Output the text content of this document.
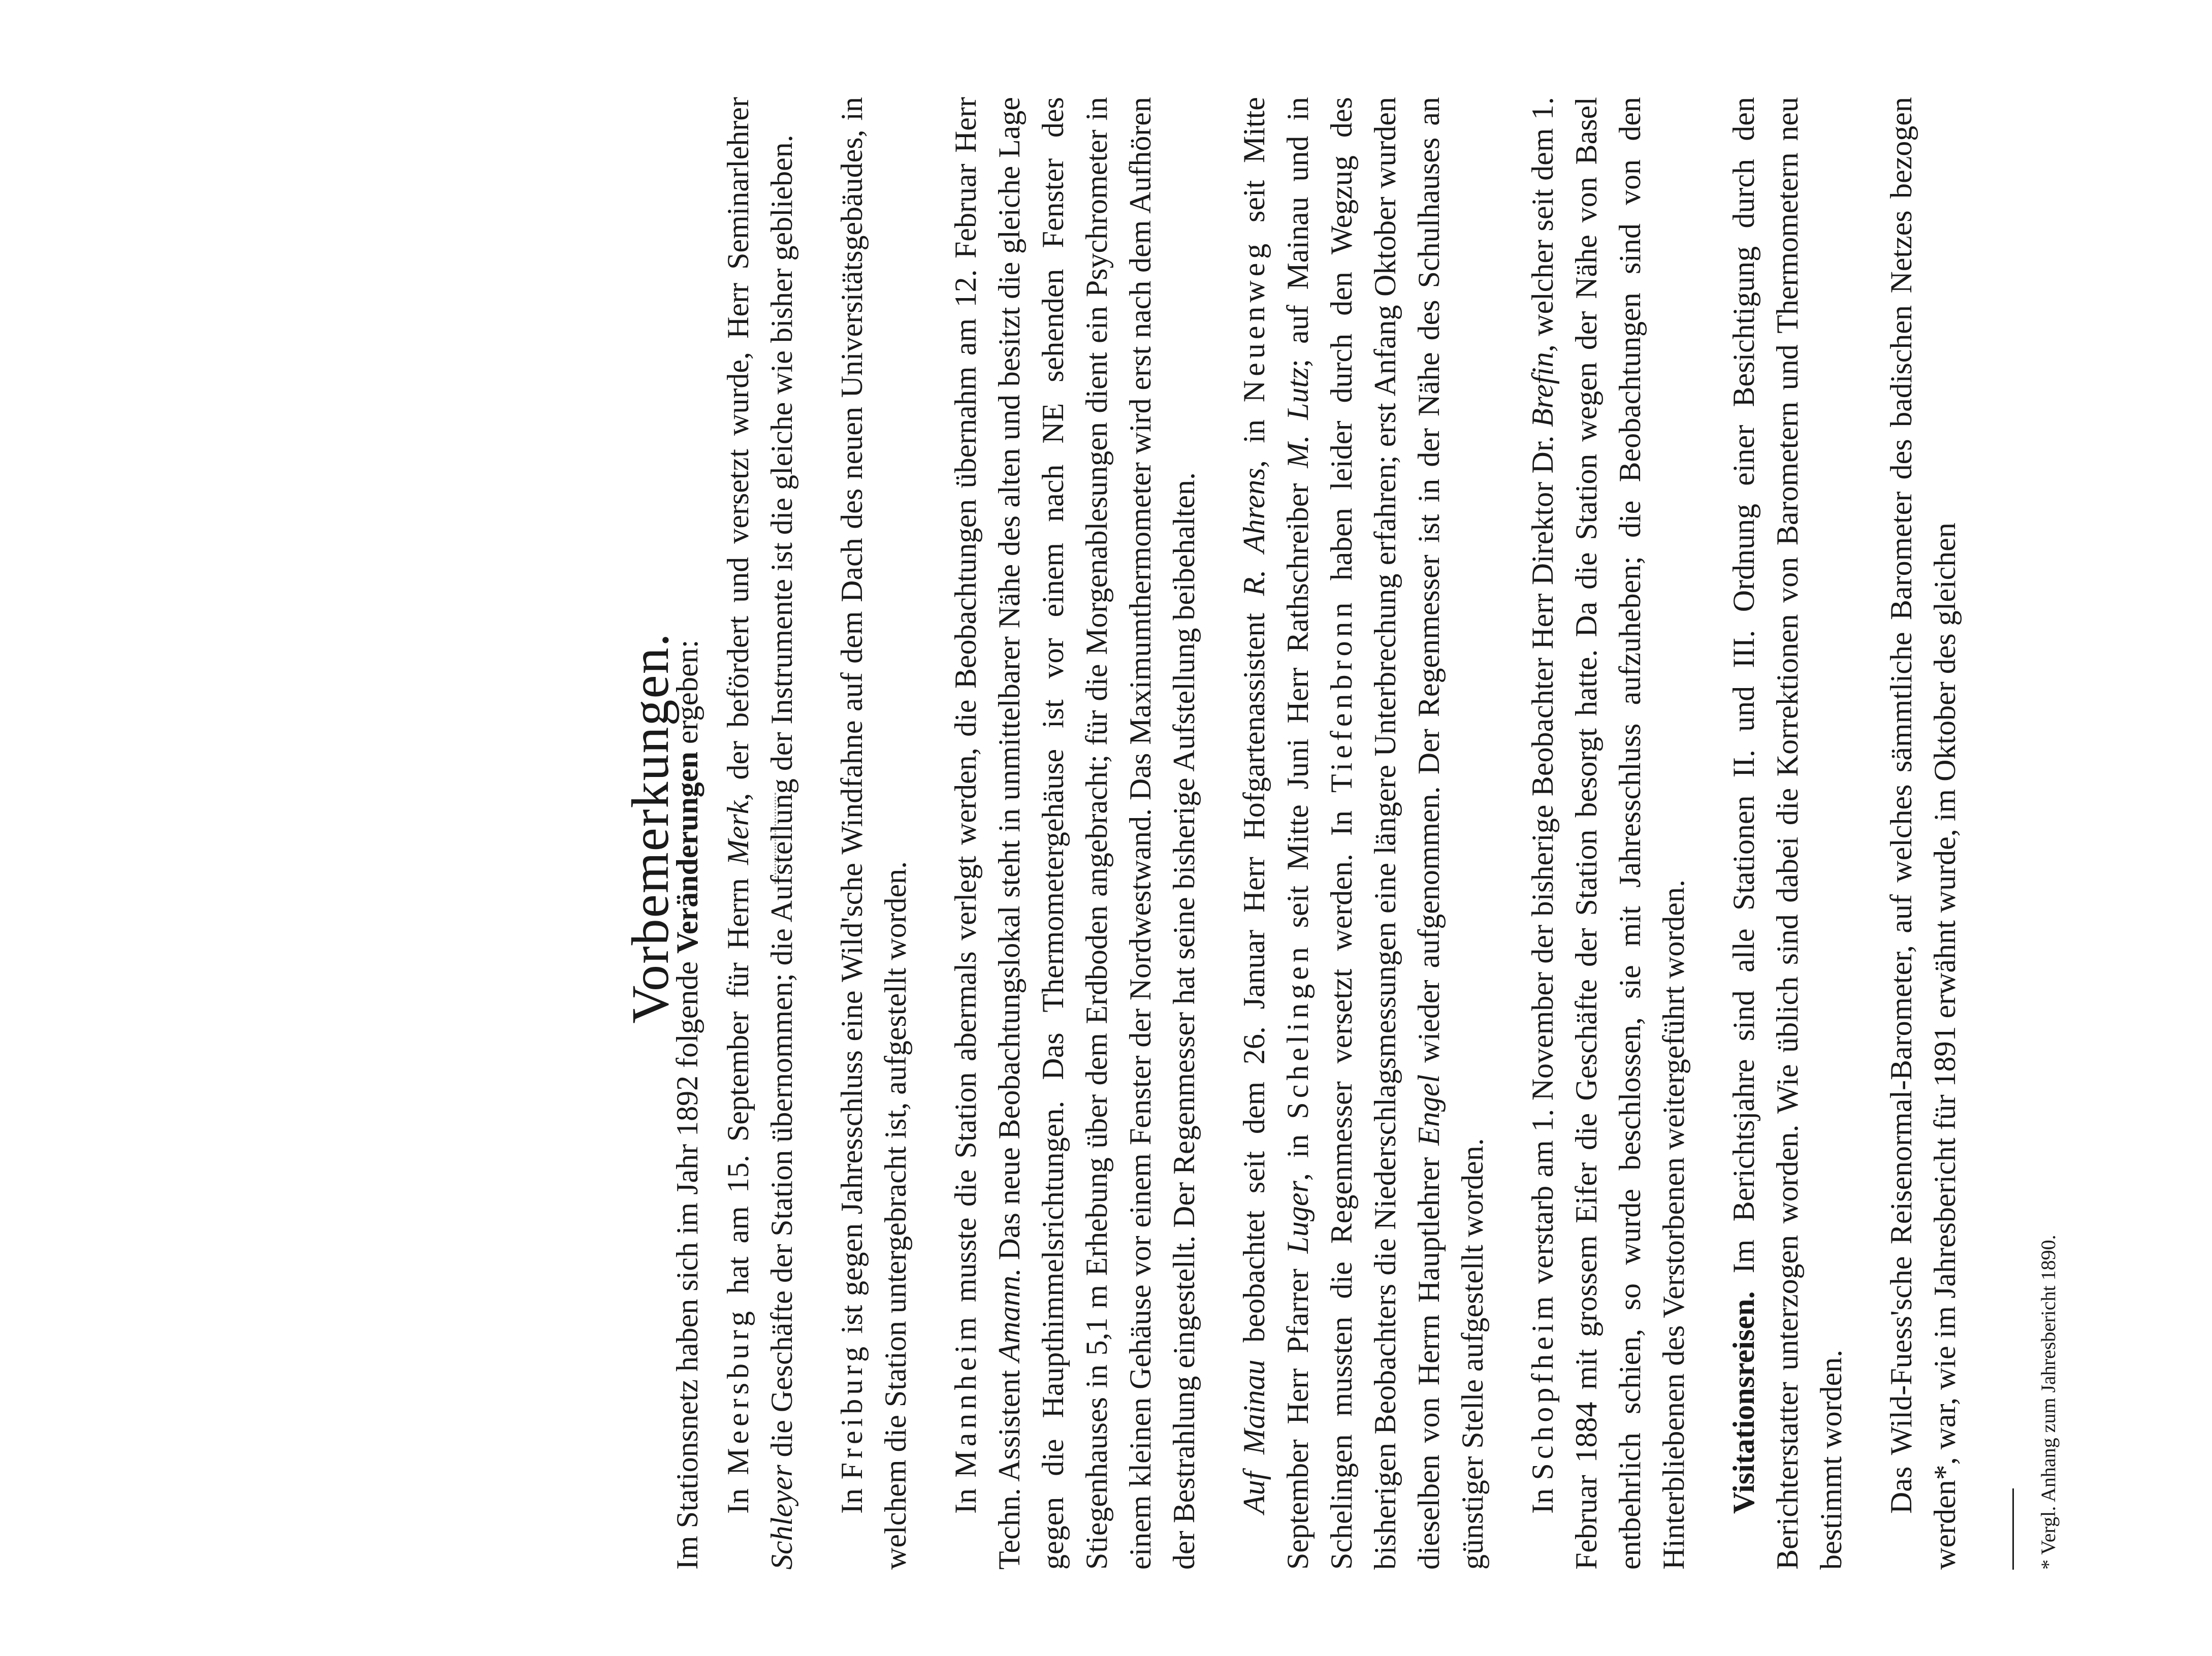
Vorbemerkungen.

Im Stationsnetz haben sich im Jahr 1892 folgende Veränderungen ergeben:

In Meersburg hat am 15. September für Herrn Merk, der befördert und versetzt wurde, Herr Seminarlehrer Schleyer die Geschäfte der Station übernommen; die Aufstellung der Instrumente ist die gleiche wie bisher geblieben.

In Freiburg ist gegen Jahresschluss eine Wild'sche Windfahne auf dem Dach des neuen Universitätsgebäudes, in welchem die Station untergebracht ist, aufgestellt worden. In Mannheim musste die Station abermals verlegt werden, die Beobachtungen übernahm am 12. Februar Herr Techn. Assistent Amann. Das neue Beobachtungslokal steht in unmittelbarer Nähe des alten und besitzt die gleiche Lage gegen die Haupthimmelsrichtungen. Das Thermometergehäuse ist vor einem nach NE sehenden Fenster des Stiegenhauses in 5,1 m Erhebung über dem Erdboden angebracht; für die Morgenablesungen dient ein Psychrometer in einem kleinen Gehäuse vor einem Fenster der Nordwestwand. Das Maximumthermometer wird erst nach dem Aufhören der Bestrahlung eingestellt. Der Regenmesser hat seine bisherige Aufstellung beibehalten. Auf Mainau beobachtet seit dem 26. Januar Herr Hofgartenassistent R. Ahrens, in Neuenweg seit Mitte September Herr Pfarrer Luger, in Schelingen seit Mitte Juni Herr Rathschreiber M. Lutz; auf Mainau und in Schelingen mussten die Regenmesser versetzt werden. In Tiefenbronn haben leider durch den Wegzug des bisherigen Beobachters die Niederschlagsmessungen eine längere Unterbrechung erfahren; erst Anfang Oktober wurden dieselben von Herrn Hauptlehrer Engel wieder aufgenommen. Der Regenmesser ist in der Nähe des Schulhauses an günstiger Stelle aufgestellt worden. In Schopfheim verstarb am 1. November der bisherige Beobachter Herr Direktor Dr. Brefin, welcher seit dem 1. Februar 1884 mit grossem Eifer die Geschäfte der Station besorgt hatte. Da die Station wegen der Nähe von Basel entbehrlich schien, so wurde beschlossen, sie mit Jahresschluss aufzuheben; die Beobachtungen sind von den Hinterbliebenen des Verstorbenen weitergeführt worden. Visitationsreisen. Im Berichtsjahre sind alle Stationen II. und III. Ordnung einer Besichtigung durch den Berichterstatter unterzogen worden. Wie üblich sind dabei die Korrektionen von Barometern und Thermometern neu bestimmt worden. Das Wild-Fuess'sche Reisenormal-Barometer, auf welches sämmtliche Barometer des badischen Netzes bezogen werden*, war, wie im Jahresbericht für 1891 erwähnt wurde, im Oktober des gleichen	* Vergl. Anhang zum Jahresbericht 1890.
